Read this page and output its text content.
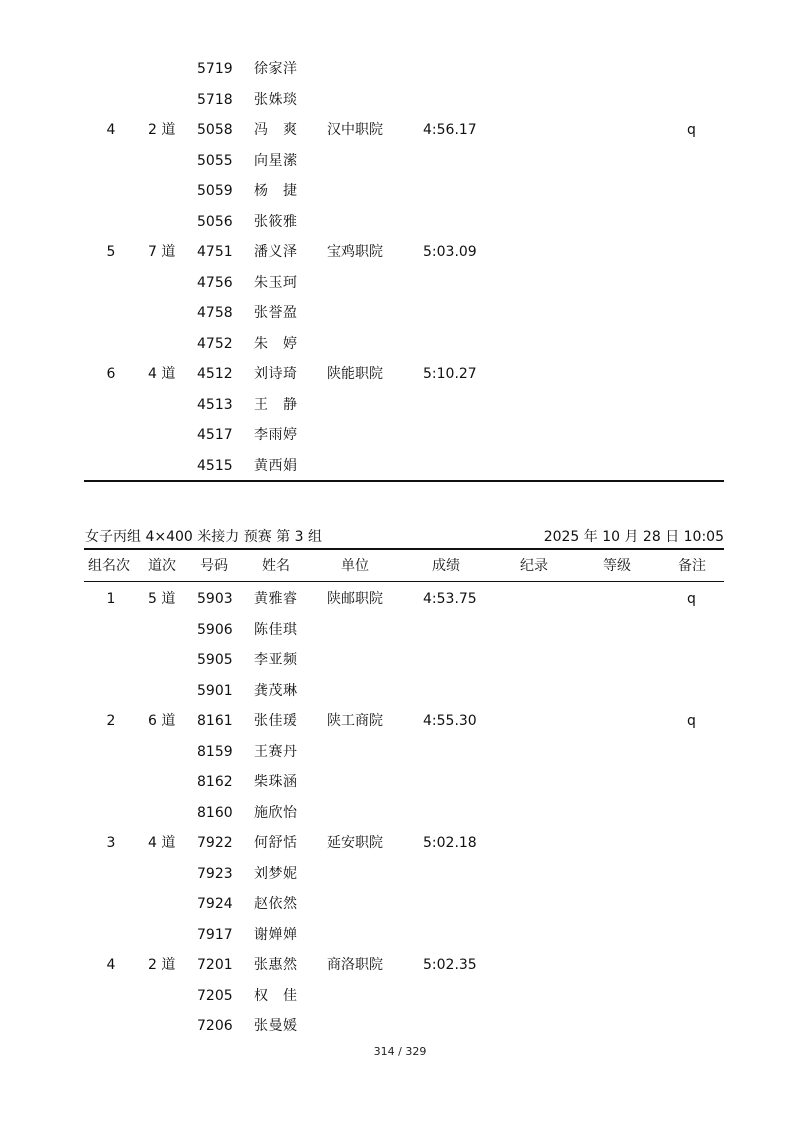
5719 徐家洋
5718 张姝琰
4	2 道 5058 冯　爽 汉中职院	4:56.17	q
5055 向星潆
5059 杨　捷
5056 张筱雅
5	7 道 4751 潘义泽 宝鸡职院	5:03.09
4756 朱玉珂
4758 张誉盈
4752 朱　婷
6	4 道 4512 刘诗琦 陕能职院	5:10.27
4513 王　静
4517 李雨婷
4515 黄西娟
女子丙组 4×400 米接力 预赛 第 3 组	2025 年 10 月 28 日 10:05
组名次 道次 号码 姓名	单位	成绩	纪录	等级	备注
1	5 道 5903 黄雅睿 陕邮职院	4:53.75	q
5906 陈佳琪
5905 李亚频
5901 龚茂琳
2	6 道 8161 张佳瑗 陕工商院	4:55.30	q
8159 王赛丹
8162 柴珠涵
8160 施欣怡
3	4 道 7922 何舒恬 延安职院	5:02.18
7923 刘梦妮
7924 赵依然
7917 谢婵婵
4	2 道 7201 张惠然 商洛职院	5:02.35
7205 权　佳
7206 张曼媛
314 / 329
